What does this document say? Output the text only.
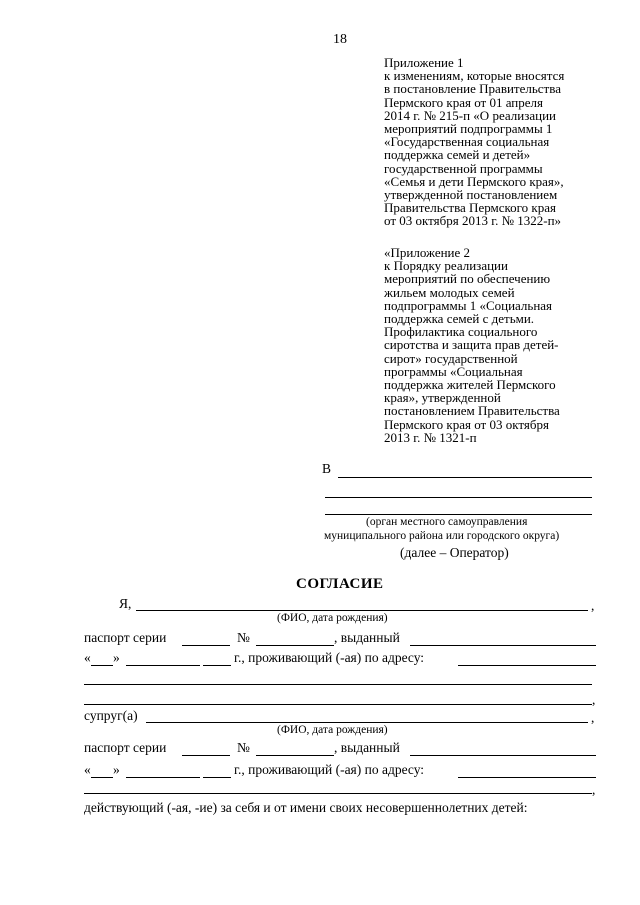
18
Приложение 1
к изменениям, которые вносятся
в постановление Правительства
Пермского края от 01 апреля
2014 г. № 215-п «О реализации
мероприятий подпрограммы 1
«Государственная социальная
поддержка семей и детей»
государственной программы
«Семья и дети Пермского края»,
утвержденной постановлением
Правительства Пермского края
от 03 октября 2013 г. № 1322-п»
«Приложение 2
к Порядку реализации
мероприятий по обеспечению
жильем молодых семей
подпрограммы 1 «Социальная
поддержка семей с детьми.
Профилактика социального
сиротства и защита прав детей-
сирот» государственной
программы «Социальная
поддержка жителей Пермского
края», утвержденной
постановлением Правительства
Пермского края от 03 октября
2013 г. № 1321-п
В
(орган местного самоуправления
муниципального района или городского округа)
(далее – Оператор)
СОГЛАСИЕ
Я,	,
(ФИО, дата рождения)
паспорт серии	№	, выданный
« »	г., проживающий (-ая) по адресу:
,
супруг(а)	,
(ФИО, дата рождения)
паспорт серии	№	, выданный
« »	г., проживающий (-ая) по адресу:
,
действующий (-ая, -ие) за себя и от имени своих несовершеннолетних детей:
